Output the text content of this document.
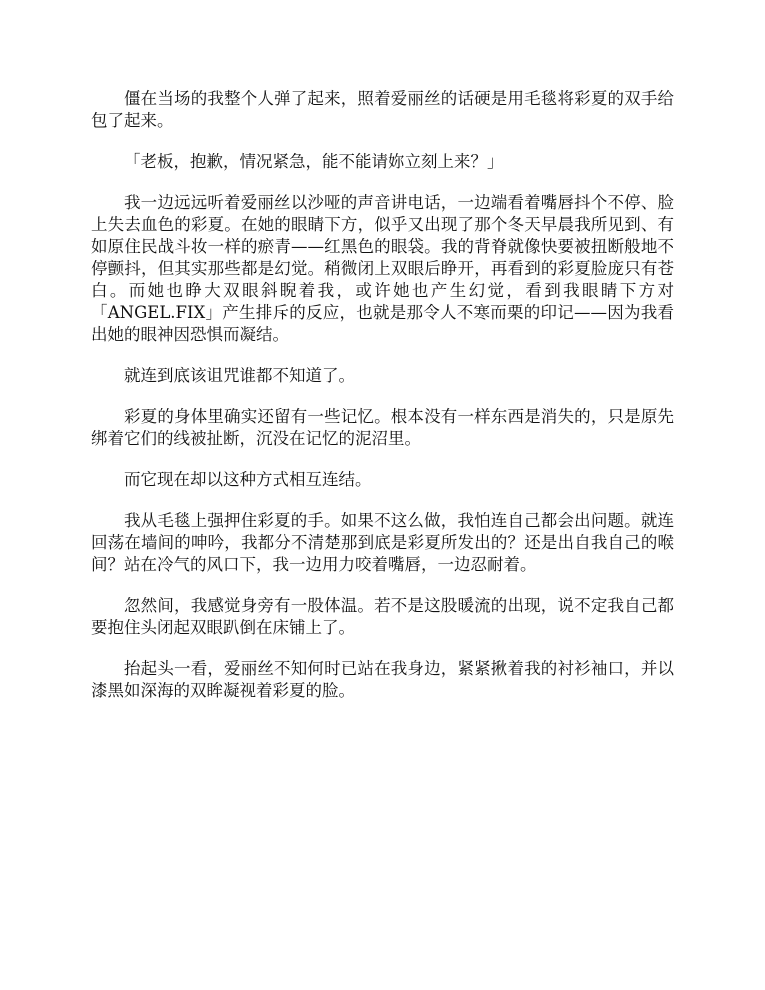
僵在当场的我整个人弹了起来，照着爱丽丝的话硬是用毛毯将彩夏的双手给包了起来。

「老板，抱歉，情况紧急，能不能请妳立刻上来？」

我一边远远听着爱丽丝以沙哑的声音讲电话，一边端看着嘴唇抖个不停、脸上失去血色的彩夏。在她的眼睛下方，似乎又出现了那个冬天早晨我所见到、有如原住民战斗妆一样的瘀青——红黑色的眼袋。我的背脊就像快要被扭断般地不停颤抖，但其实那些都是幻觉。稍微闭上双眼后睁开，再看到的彩夏脸庞只有苍白。而她也睁大双眼斜睨着我，或许她也产生幻觉，看到我眼睛下方对「ANGEL.FIX」产生排斥的反应，也就是那令人不寒而栗的印记——因为我看出她的眼神因恐惧而凝结。

就连到底该诅咒谁都不知道了。

彩夏的身体里确实还留有一些记忆。根本没有一样东西是消失的，只是原先绑着它们的线被扯断，沉没在记忆的泥沼里。

而它现在却以这种方式相互连结。

我从毛毯上强押住彩夏的手。如果不这么做，我怕连自己都会出问题。就连回荡在墙间的呻吟，我都分不清楚那到底是彩夏所发出的？还是出自我自己的喉间？站在冷气的风口下，我一边用力咬着嘴唇，一边忍耐着。

忽然间，我感觉身旁有一股体温。若不是这股暖流的出现，说不定我自己都要抱住头闭起双眼趴倒在床铺上了。

抬起头一看，爱丽丝不知何时已站在我身边，紧紧揪着我的衬衫袖口，并以漆黑如深海的双眸凝视着彩夏的脸。
